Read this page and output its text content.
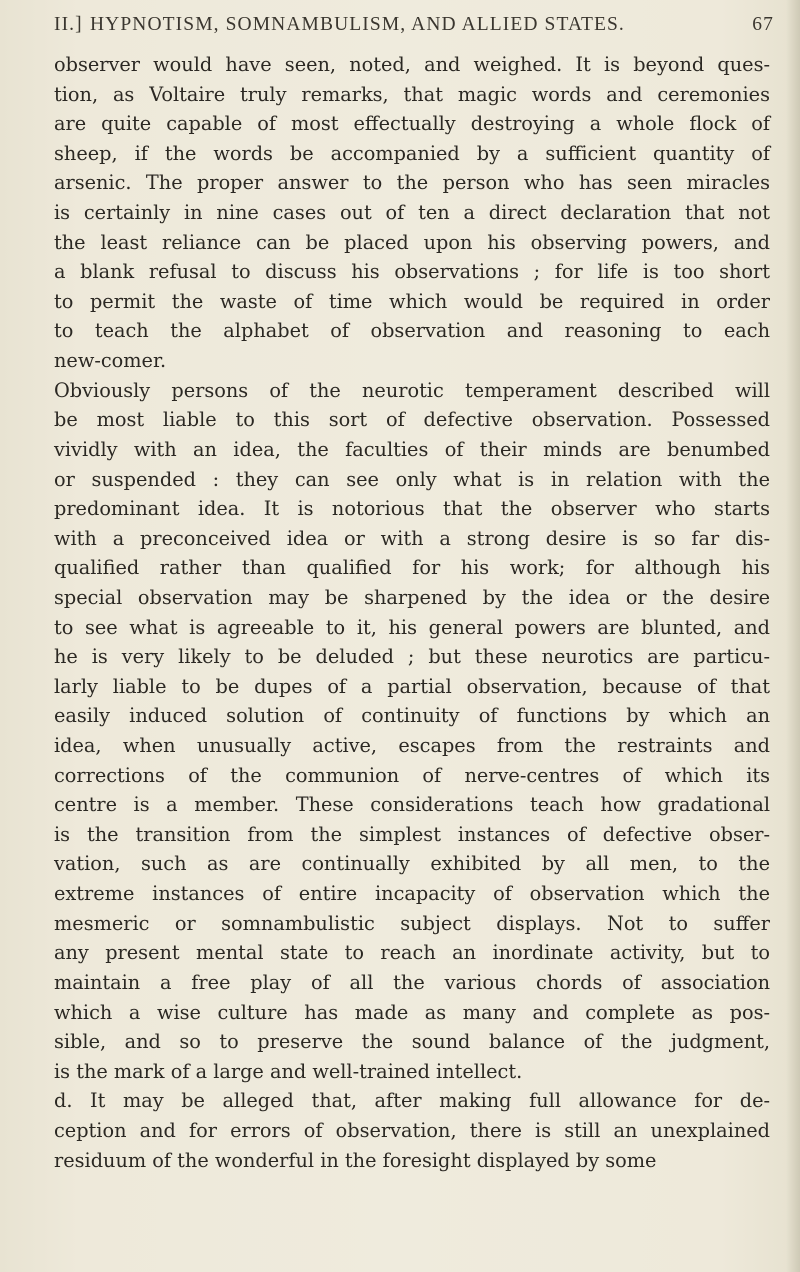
II.] HYPNOTISM, SOMNAMBULISM, AND ALLIED STATES.	67
observer would have seen, noted, and weighed. It is beyond ques-
tion, as Voltaire truly remarks, that magic words and ceremonies
are quite capable of most effectually destroying a whole flock of
sheep, if the words be accompanied by a sufficient quantity of
arsenic. The proper answer to the person who has seen miracles
is certainly in nine cases out of ten a direct declaration that not
the least reliance can be placed upon his observing powers, and
a blank refusal to discuss his observations ; for life is too short
to permit the waste of time which would be required in order
to teach the alphabet of observation and reasoning to each
new-comer.
Obviously persons of the neurotic temperament described will
be most liable to this sort of defective observation. Possessed
vividly with an idea, the faculties of their minds are benumbed
or suspended : they can see only what is in relation with the
predominant idea. It is notorious that the observer who starts
with a preconceived idea or with a strong desire is so far dis-
qualified rather than qualified for his work; for although his
special observation may be sharpened by the idea or the desire
to see what is agreeable to it, his general powers are blunted, and
he is very likely to be deluded ; but these neurotics are particu-
larly liable to be dupes of a partial observation, because of that
easily induced solution of continuity of functions by which an
idea, when unusually active, escapes from the restraints and
corrections of the communion of nerve-centres of which its
centre is a member. These considerations teach how gradational
is the transition from the simplest instances of defective obser-
vation, such as are continually exhibited by all men, to the
extreme instances of entire incapacity of observation which the
mesmeric or somnambulistic subject displays. Not to suffer
any present mental state to reach an inordinate activity, but to
maintain a free play of all the various chords of association
which a wise culture has made as many and complete as pos-
sible, and so to preserve the sound balance of the judgment,
is the mark of a large and well-trained intellect.
d. It may be alleged that, after making full allowance for de-
ception and for errors of observation, there is still an unexplained
residuum of the wonderful in the foresight displayed by some
